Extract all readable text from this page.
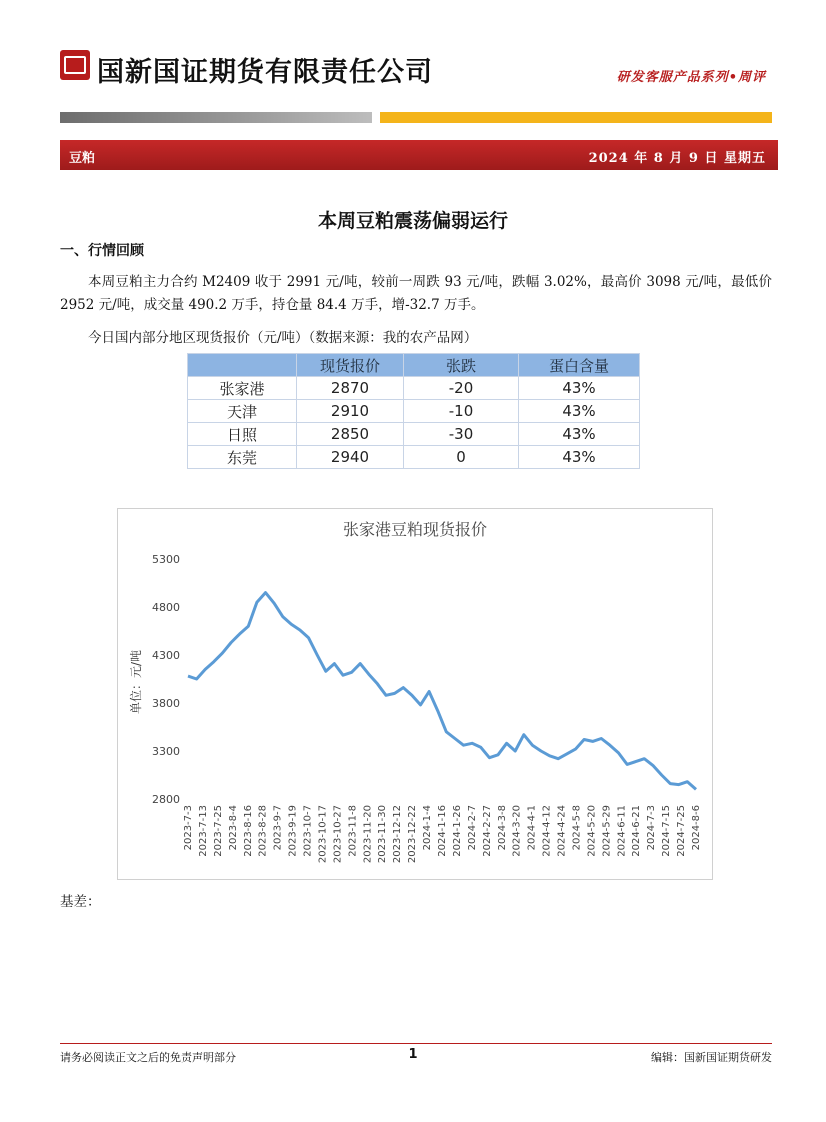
国新国证期货有限责任公司	研发客服产品系列•周评
豆粕	2024 年 8 月 9 日 星期五
本周豆粕震荡偏弱运行
一、行情回顾
本周豆粕主力合约 M2409 收于 2991 元/吨，较前一周跌 93 元/吨，跌幅 3.02%，最高价 3098 元/吨，最低价 2952 元/吨，成交量 490.2 万手，持仓量 84.4 万手，增-32.7 万手。
今日国内部分地区现货报价（元/吨）（数据来源：我的农产品网）
	现货报价	张跌	蛋白含量
张家港	2870	-20	43%
天津	2910	-10	43%
日照	2850	-30	43%
东莞	2940	0	43%
张家港豆粕现货报价
单位：元/吨
2800
3300
3800
4300
4800
5300
2023-7-3 2023-7-13 2023-7-25 2023-8-4 2023-8-16 2023-8-28 2023-9-7 2023-9-19 2023-10-7 2023-10-17 2023-10-27 2023-11-8 2023-11-20 2023-11-30 2023-12-12 2023-12-22 2024-1-4 2024-1-16 2024-1-26 2024-2-7 2024-2-27 2024-3-8 2024-3-20 2024-4-1 2024-4-12 2024-4-24 2024-5-8 2024-5-20 2024-5-29 2024-6-11 2024-6-21 2024-7-3 2024-7-15 2024-7-25 2024-8-6
基差：
请务必阅读正文之后的免责声明部分	1	编辑：国新国证期货研发
